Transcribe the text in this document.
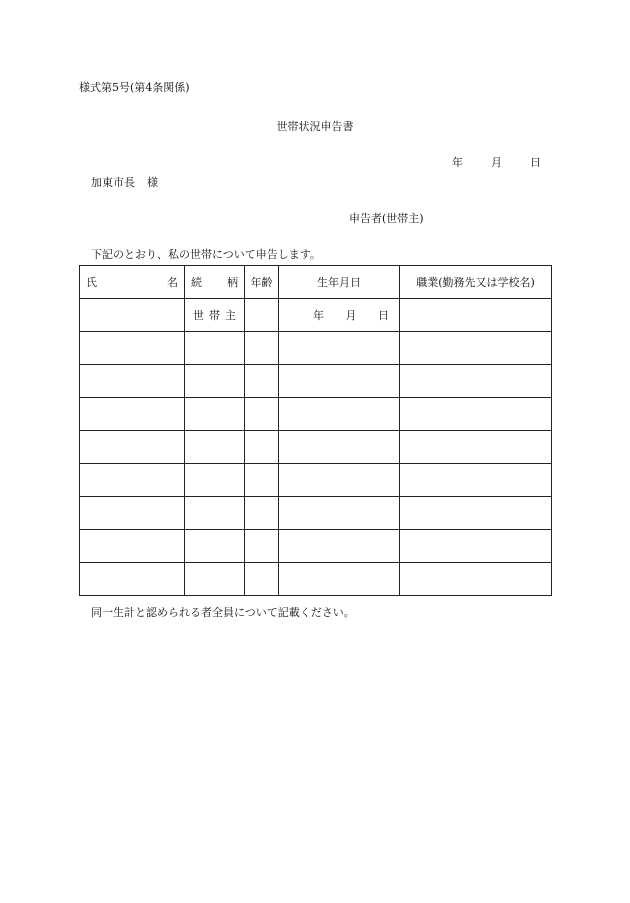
様式第5号(第4条関係)
世帯状況申告書
年	月	日
加東市長 様
申告者(世帯主)
下記のとおり、私の世帯について申告します。
氏 名	続 柄	年齢	生年月日	職業(勤務先又は学校名)

	世 帯 主		年 月 日	

同一生計と認められる者全員について記載ください。
